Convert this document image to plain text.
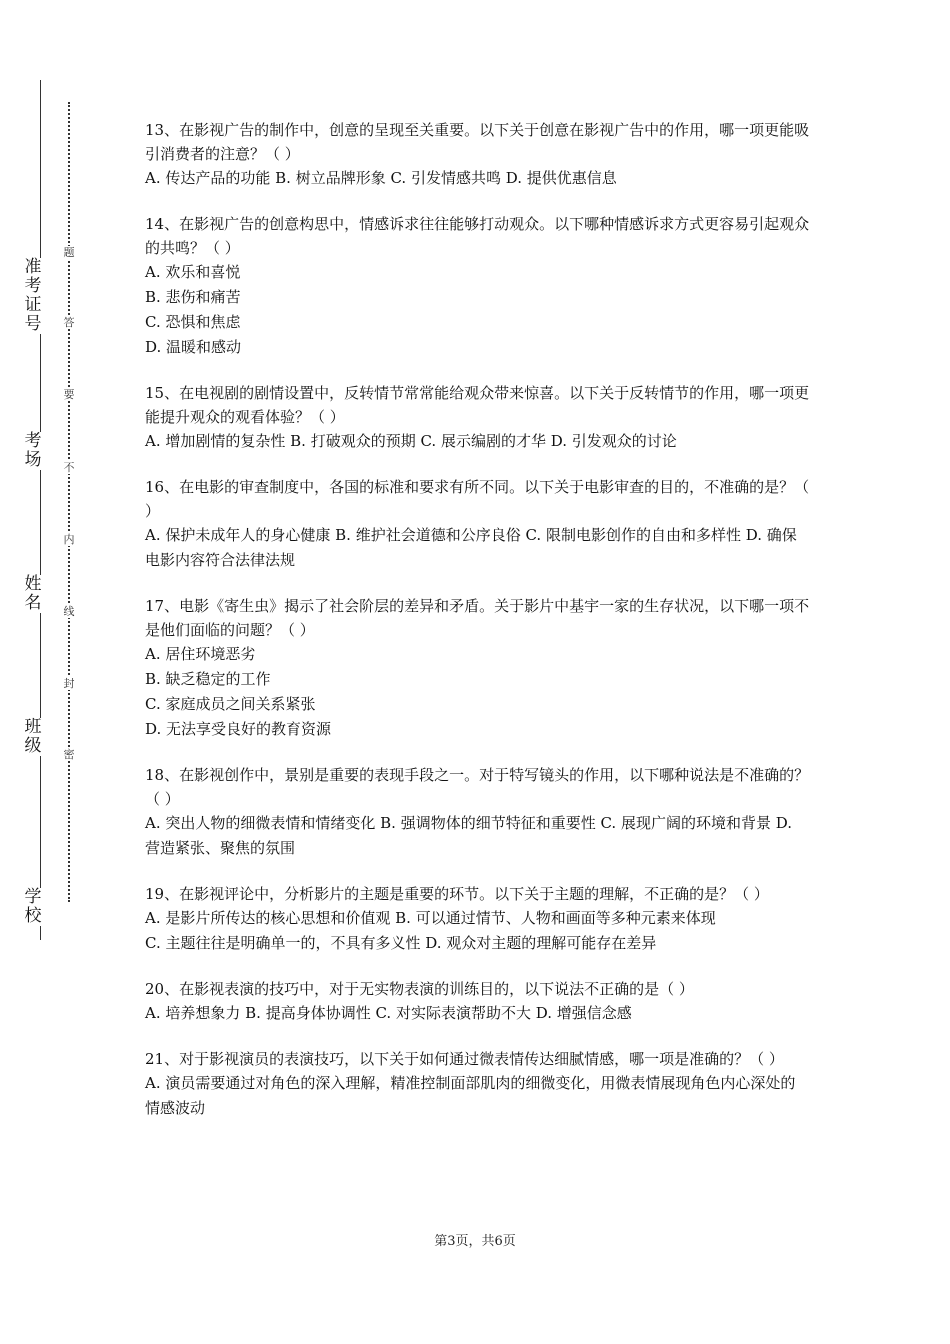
准考证号
考场
姓名
班级
学校
题
答
要
不
内
线
封
密

13、在影视广告的制作中，创意的呈现至关重要。以下关于创意在影视广告中的作用，哪一项更能吸引消费者的注意？（ ）

A. 传达产品的功能 B. 树立品牌形象 C. 引发情感共鸣 D. 提供优惠信息

14、在影视广告的创意构思中，情感诉求往往能够打动观众。以下哪种情感诉求方式更容易引起观众的共鸣？（ ）

A. 欢乐和喜悦

B. 悲伤和痛苦

C. 恐惧和焦虑

D. 温暖和感动

15、在电视剧的剧情设置中，反转情节常常能给观众带来惊喜。以下关于反转情节的作用，哪一项更能提升观众的观看体验？（ ）

A. 增加剧情的复杂性 B. 打破观众的预期 C. 展示编剧的才华 D. 引发观众的讨论

16、在电影的审查制度中，各国的标准和要求有所不同。以下关于电影审查的目的，不准确的是？（ ）

A. 保护未成年人的身心健康 B. 维护社会道德和公序良俗 C. 限制电影创作的自由和多样性 D. 确保电影内容符合法律法规

17、电影《寄生虫》揭示了社会阶层的差异和矛盾。关于影片中基宇一家的生存状况，以下哪一项不是他们面临的问题？（ ）

A. 居住环境恶劣

B. 缺乏稳定的工作

C. 家庭成员之间关系紧张

D. 无法享受良好的教育资源

18、在影视创作中，景别是重要的表现手段之一。对于特写镜头的作用，以下哪种说法是不准确的？（ ）

A. 突出人物的细微表情和情绪变化 B. 强调物体的细节特征和重要性 C. 展现广阔的环境和背景 D. 营造紧张、聚焦的氛围

19、在影视评论中，分析影片的主题是重要的环节。以下关于主题的理解，不正确的是？（ ）

A. 是影片所传达的核心思想和价值观 B. 可以通过情节、人物和画面等多种元素来体现

C. 主题往往是明确单一的，不具有多义性 D. 观众对主题的理解可能存在差异

20、在影视表演的技巧中，对于无实物表演的训练目的，以下说法不正确的是（ ）

A. 培养想象力 B. 提高身体协调性 C. 对实际表演帮助不大 D. 增强信念感

21、对于影视演员的表演技巧，以下关于如何通过微表情传达细腻情感，哪一项是准确的？（ ）

A. 演员需要通过对角色的深入理解，精准控制面部肌肉的细微变化，用微表情展现角色内心深处的情感波动

第3页，共6页
